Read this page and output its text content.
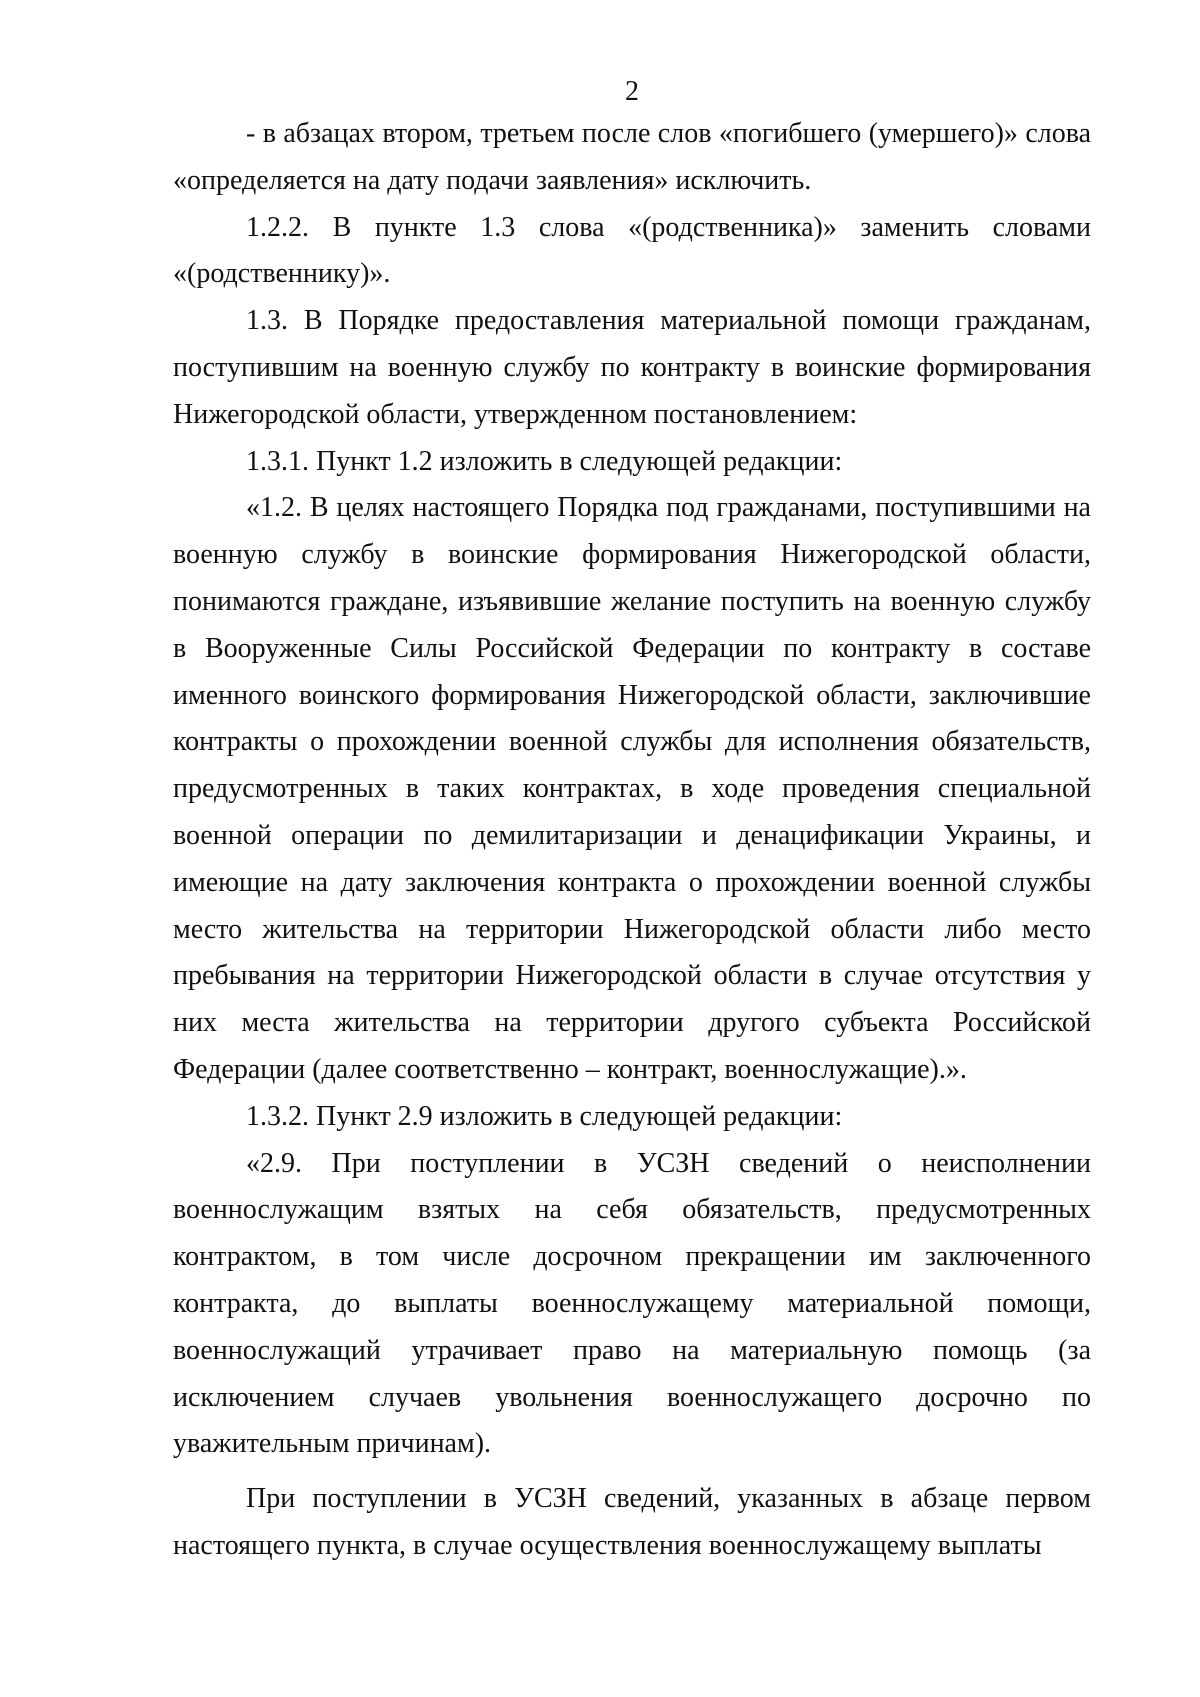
2

- в абзацах втором, третьем после слов «погибшего (умершего)» слова «определяется на дату подачи заявления» исключить.

1.2.2. В пункте 1.3 слова «(родственника)» заменить словами «(родственнику)».

1.3. В Порядке предоставления материальной помощи гражданам, поступившим на военную службу по контракту в воинские формирования Нижегородской области, утвержденном постановлением:

1.3.1. Пункт 1.2 изложить в следующей редакции:

«1.2. В целях настоящего Порядка под гражданами, поступившими на военную службу в воинские формирования Нижегородской области, понимаются граждане, изъявившие желание поступить на военную службу в Вооруженные Силы Российской Федерации по контракту в составе именного воинского формирования Нижегородской области, заключившие контракты о прохождении военной службы для исполнения обязательств, предусмотренных в таких контрактах, в ходе проведения специальной военной операции по демилитаризации и денацификации Украины, и имеющие на дату заключения контракта о прохождении военной службы место жительства на территории Нижегородской области либо место пребывания на территории Нижегородской области в случае отсутствия у них места жительства на территории другого субъекта Российской Федерации (далее соответственно – контракт, военнослужащие).».

1.3.2. Пункт 2.9 изложить в следующей редакции:

«2.9. При поступлении в УСЗН сведений о неисполнении военнослужащим взятых на себя обязательств, предусмотренных контрактом, в том числе досрочном прекращении им заключенного контракта, до выплаты военнослужащему материальной помощи, военнослужащий утрачивает право на материальную помощь (за исключением случаев увольнения военнослужащего досрочно по уважительным причинам).

При поступлении в УСЗН сведений, указанных в абзаце первом настоящего пункта, в случае осуществления военнослужащему выплаты
